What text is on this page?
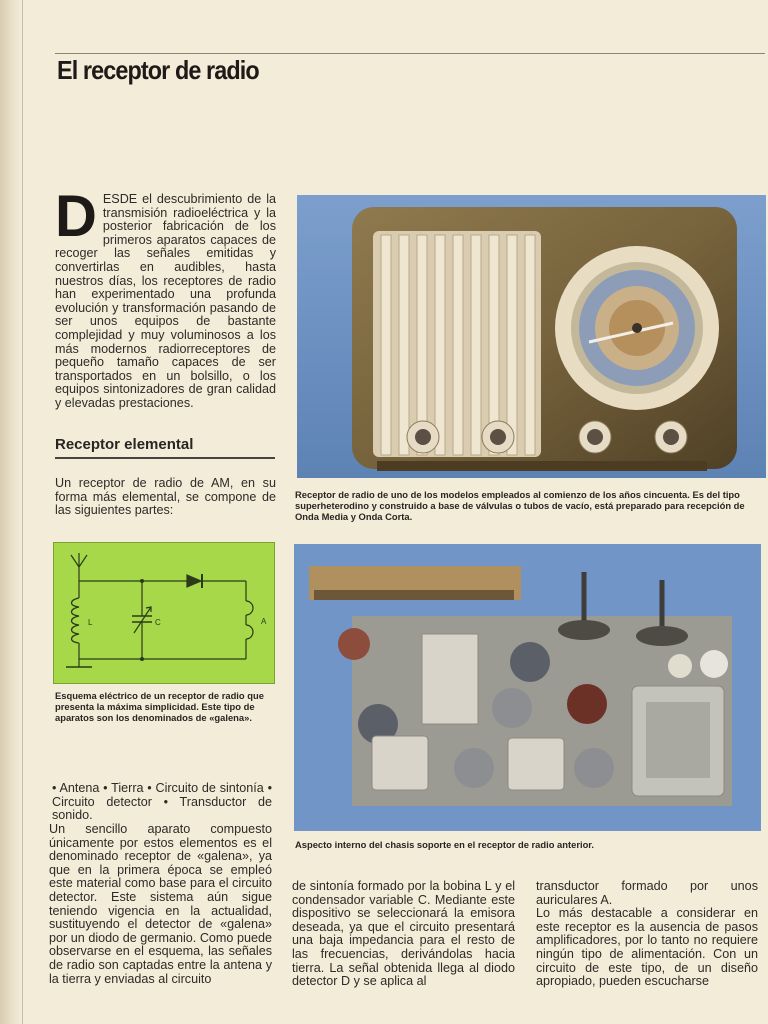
El receptor de radio
DESDE el descubrimiento de la transmisión radioeléctrica y la posterior fabricación de los primeros aparatos capaces de recoger las señales emitidas y convertirlas en audibles, hasta nuestros días, los receptores de radio han experimentado una profunda evolución y transformación pasando de ser unos equipos de bastante complejidad y muy voluminosos a los más modernos radiorreceptores de pequeño tamaño capaces de ser transportados en un bolsillo, o los equipos sintonizadores de gran calidad y elevadas prestaciones.
Receptor elemental

Un receptor de radio de AM, en su forma más elemental, se compone de las siguientes partes:

L	C	A

Esquema eléctrico de un receptor de radio que presenta la máxima simplicidad. Este tipo de aparatos son los denominados de «galena».

• Antena • Tierra • Circuito de sintonía • Circuito detector • Transductor de sonido.

Un sencillo aparato compuesto únicamente por estos elementos es el denominado receptor de «galena», ya que en la primera época se empleó este material como base para el circuito detector. Este sistema aún sigue teniendo vigencia en la actualidad, sustituyendo el detector de «galena» por un diodo de germanio. Como puede observarse en el esquema, las señales de radio son captadas entre la antena y la tierra y enviadas al circuito

Receptor de radio de uno de los modelos empleados al comienzo de los años cincuenta. Es del tipo superheterodino y construido a base de válvulas o tubos de vacío, está preparado para recepción de Onda Media y Onda Corta.

Aspecto interno del chasis soporte en el receptor de radio anterior.

de sintonía formado por la bobina L y el condensador variable C. Mediante este dispositivo se seleccionará la emisora deseada, ya que el circuito presentará una baja impedancia para el resto de las frecuencias, derivándolas hacia tierra. La señal obtenida llega al diodo detector D y se aplica al

transductor formado por unos auriculares A.
Lo más destacable a considerar en este receptor es la ausencia de pasos amplificadores, por lo tanto no requiere ningún tipo de alimentación. Con un circuito de este tipo, de un diseño apropiado, pueden escucharse
